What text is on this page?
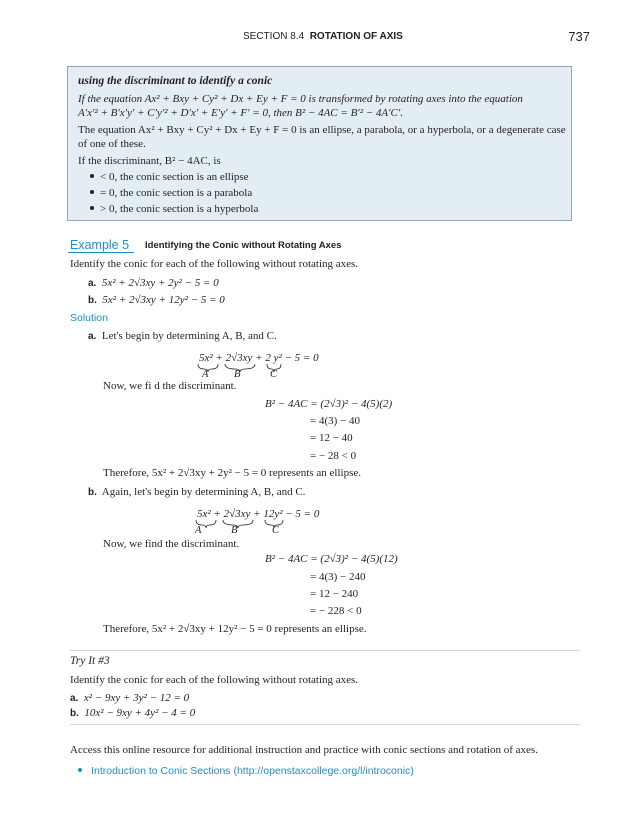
SECTION 8.4 ROTATION OF AXIS	737
using the discriminant to identify a conic
If the equation Ax² + Bxy + Cy² + Dx + Ey + F = 0 is transformed by rotating axes into the equation
A′x′² + B′x′y′ + C′y′² + D′x′ + E′y′ + F′ = 0, then B² − 4AC = B′² − 4A′C′.
The equation Ax² + Bxy + Cy² + Dx + Ey + F = 0 is an ellipse, a parabola, or a hyperbola, or a degenerate case
of one of these.
If the discriminant, B² − 4AC, is
< 0, the conic section is an ellipse
= 0, the conic section is a parabola
> 0, the conic section is a hyperbola
Example 5 Identifying the Conic without Rotating Axes
Identify the conic for each of the following without rotating axes.
a. 5x² + 2√3xy + 2y² − 5 = 0
b. 5x² + 2√3xy + 12y² − 5 = 0
Solution
a. Let's begin by determining A, B, and C.
5x² + 2√3xy + 2 y² − 5 = 0
A B	C
Now, we fi d the discriminant.
B² − 4AC = (2√3)² − 4(5)(2)
= 4(3) − 40
= 12 − 40
= − 28 < 0
Therefore, 5x² + 2√3xy + 2y² − 5 = 0 represents an ellipse.
b. Again, let's begin by determining A, B, and C.
5x² + 2√3xy + 12y² − 5 = 0
A	B	C
Now, we find the discriminant.
B² − 4AC = (2√3)² − 4(5)(12)
= 4(3) − 240
= 12 − 240
= − 228 < 0
Therefore, 5x² + 2√3xy + 12y² − 5 = 0 represents an ellipse.
Try It #3
Identify the conic for each of the following without rotating axes.
a. x² − 9xy + 3y² − 12 = 0
b. 10x² − 9xy + 4y² − 4 = 0
Access this online resource for additional instruction and practice with conic sections and rotation of axes.
Introduction to Conic Sections (http://openstaxcollege.org/l/introconic)
